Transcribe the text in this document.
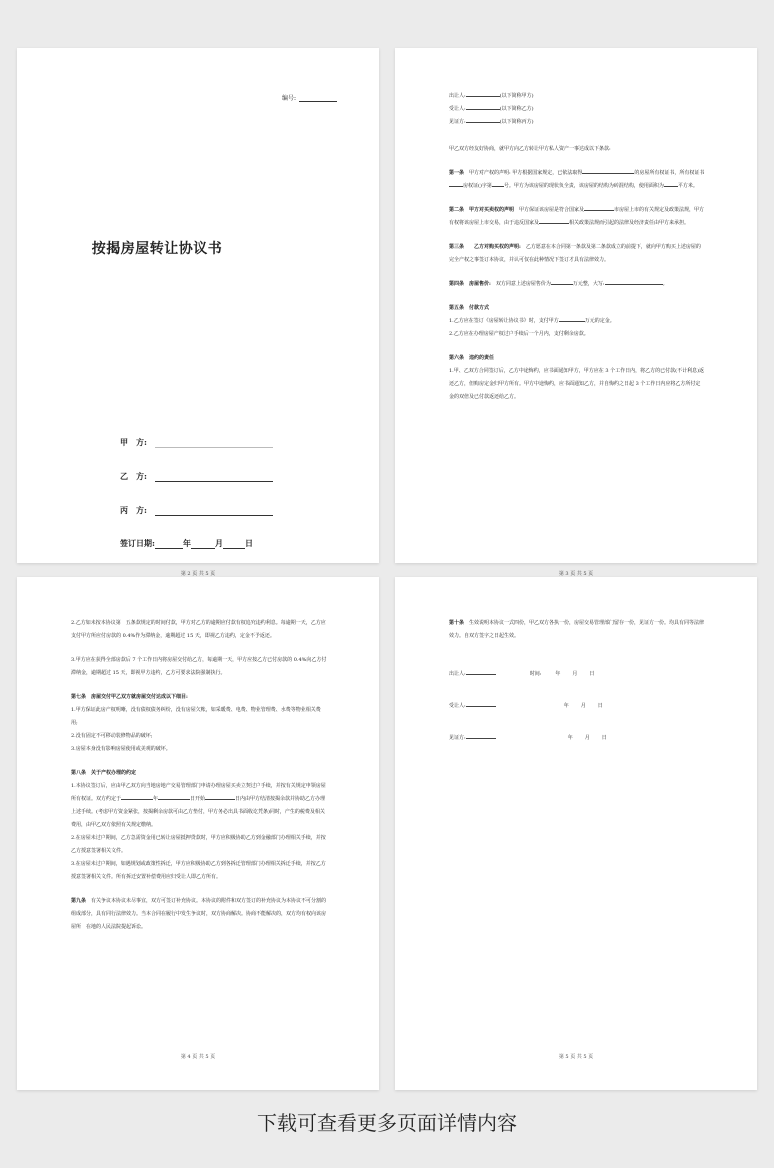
编号:
按揭房屋转让协议书
甲　方:
乙　方:
丙　方:
签订日期:	年	月	日
第 2 页 共 5 页
出让人:	(以下简称甲方)
受让人:	(以下简称乙方)
见证方:	(以下简称丙方)

甲乙双方经友好协商，就甲方向乙方转让甲方私人资产一事达成以下条款:

第一条　 甲方对产权的声明: 甲方根据国家规定，已依法取得	的房屋所有权证书，所有权证书房权证()字第 号。甲方为该房屋的现状负全责，该房屋的结构为砖混结构，使用面积为	平方米。

第二条　甲方对买卖权的声明　 甲方保证该房屋是符合国家及	市房屋上市的有关规定及政策法规，甲方有权将该房屋上市交易，由于违反国家及	相关政策法规而引起的法律及经济责任由甲方来承担。

第三条　　乙方对购买权的声明:　 乙方愿意在本合同第一条款及第二条款成立的前提下，就向甲方购买上述房屋的完全产权之事签订本协议，并认可仅在此种情况下签订才具有法律效力。

第四条　房屋售价:　 双方同意上述房屋售价为	万元整，大写:	。

第五条　付款方式
1.乙方应在签订《房屋转让协议书》时，支付甲方	万元的定金。
2.乙方应在办理房屋产权过户手续后一个月内，支付剩余房款。
第六条　违约的责任
1.甲、乙双方合同签订后，乙方中途悔约，应书面通知甲方，甲方应在 3 个工作日内，将乙方的已付款(不计利息)返还乙方，但购房定金归甲方所有。甲方中途悔约，应书面通知乙方，并自悔约之日起 3 个工作日内应将乙方所付定金的双倍及已付款返还给乙方。
第 3 页 共 5 页

2.乙方如未按本协议第　五条款规定的时间付款，甲方对乙方的逾期应付款有权追究违约利息。每逾期一天，乙方应支付甲方所应付房款的 0.4%作为滞纳金，逾期超过 15 天，即视乙方违约，定金不予返还。

3.甲方应在获得全部房款后 7 个工作日内将房屋交付给乙方，每逾期一天，甲方应按乙方已付房款的 0.4%向乙方付滞纳金，逾期超过 15 天，即视甲方违约，乙方可要求法院强制执行。

第七条　房屋交付甲乙双方就房屋交付达成以下细目:
1.甲方保证此房产权明晰，没有债权债务纠纷，没有房屋欠帐，如采暖费、电费、物业管理费、水费等物业相关费用;
2.没有固定不可移动装修物品的破坏;
3.房屋本身没有影响房屋使用或美观的破坏。
第八条　关于产权办理的约定
1.本协议签订后，应由甲乙双方向当地房地产交易管理部门申请办理房屋买卖立契过户手续，并按有关规定申领房屋所有权证。双方约定于	年	日开始	日内由甲方结清按揭余款并协助乙方办理上述手续。(考虑甲方资金紧张，按揭剩余房款可由乙方垫付，甲方务必出具书面收讫凭条)同时，产生的税费及相关费用，由甲乙双方依照有关规定缴纳。
2.在房屋未过户期间，乙方急需资金用已转让房屋抵押贷款时，甲方应积极协助乙方到金融部门办理相关手续，并按乙方授意签署相关文件。
3.在房屋未过户期间，如遇规划或政策性拆迁，甲方应积极协助乙方到各拆迁管理部门办理相关拆迁手续，并按乙方授意签署相关文件。所有拆迁安置补偿费用应归受让人即乙方所有。

第九条　 有关争议本协议未尽事宜，双方可签订补充协议。本协议的附件和双方签订的补充协议为本协议不可分割的组成部分，具有同行法律效力。当本合同在履行中发生争议时，双方协商解决。协商不能解决的，双方均有权向该房屋所　在地的人民法院提起诉讼。

第 4 页 共 5 页

第十条　 生效说明本协议一式四份，甲乙双方各执一份，房屋交易管理部门留存一份，见证方一份。均具有同等法律效力。自双方签字之日起生效。

出让人:	时间:	年 月 日
受让人:	年 月 日
见证方:	年 月 日
第 5 页 共 5 页
下载可查看更多页面详情内容
